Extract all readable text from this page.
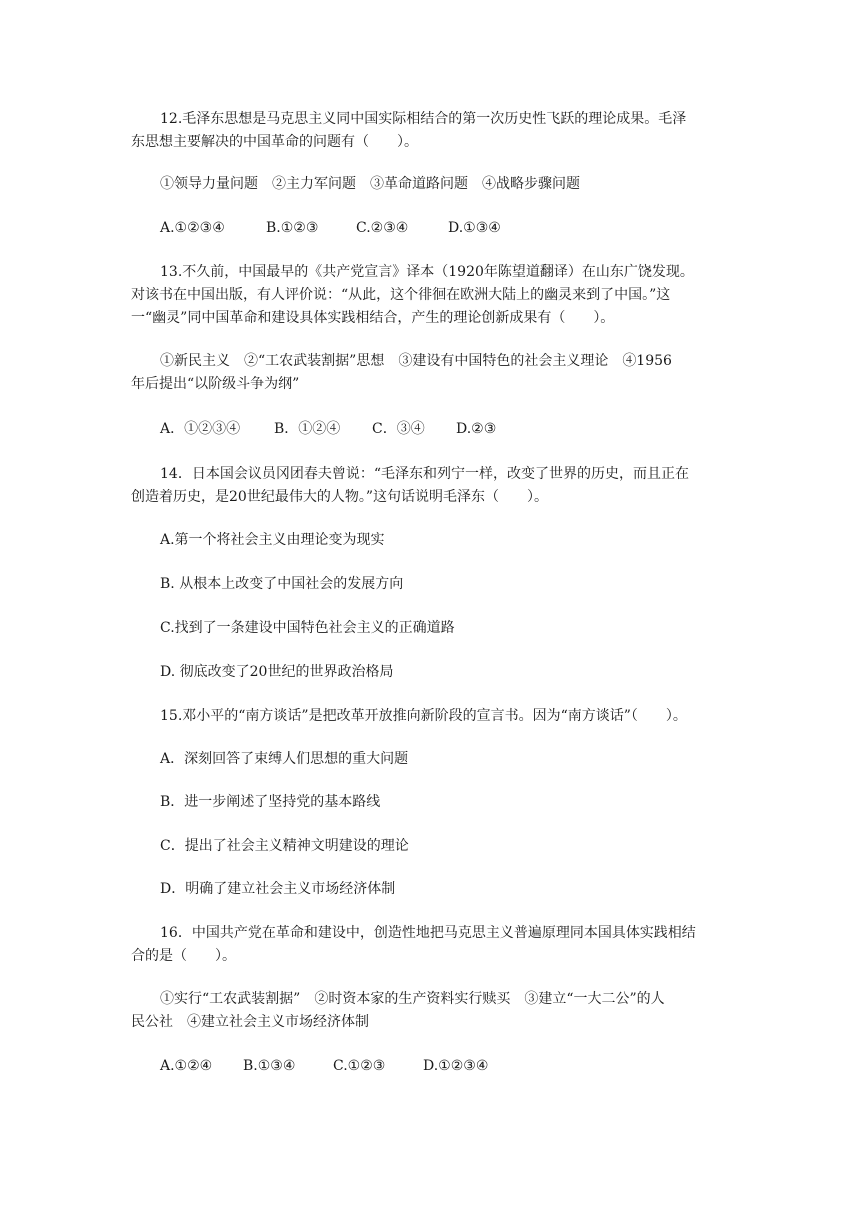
12.毛泽东思想是马克思主义同中国实际相结合的第一次历史性飞跃的理论成果。毛泽
东思想主要解决的中国革命的问题有（　　）。
①领导力量问题　②主力军问题　③革命道路问题　④战略步骤问题
A.①②③④	B.①②③	C.②③④	D.①③④
13.不久前，中国最早的《共产党宣言》译本（1920年陈望道翻译）在山东广饶发现。
对该书在中国出版，有人评价说：“从此，这个徘徊在欧洲大陆上的幽灵来到了中国。”这
一“幽灵”同中国革命和建设具体实践相结合，产生的理论创新成果有（　　）。
①新民主义　②“工农武装割据”思想　③建设有中国特色的社会主义理论　④1956
年后提出“以阶级斗争为纲”
A．①②③④ B．①②④ C．③④ D.②③
14．日本国会议员冈团春夫曾说：“毛泽东和列宁一样，改变了世界的历史，而且正在
创造着历史，是20世纪最伟大的人物。”这句话说明毛泽东（　　）。
A.第一个将社会主义由理论变为现实
B. 从根本上改变了中国社会的发展方向
C.找到了一条建设中国特色社会主义的正确道路
D. 彻底改变了20世纪的世界政治格局
15.邓小平的“南方谈话”是把改革开放推向新阶段的宣言书。因为“南方谈话”（　　）。
A．深刻回答了束缚人们思想的重大问题
B．进一步阐述了坚持党的基本路线
C．提出了社会主义精神文明建设的理论
D．明确了建立社会主义市场经济体制
16．中国共产党在革命和建设中，创造性地把马克思主义普遍原理同本国具体实践相结
合的是（　　）。
①实行“工农武装割据”　②时资本家的生产资料实行赎买　③建立“一大二公”的人
民公社　④建立社会主义市场经济体制
A.①②④ B.①③④	C.①②③	D.①②③④
